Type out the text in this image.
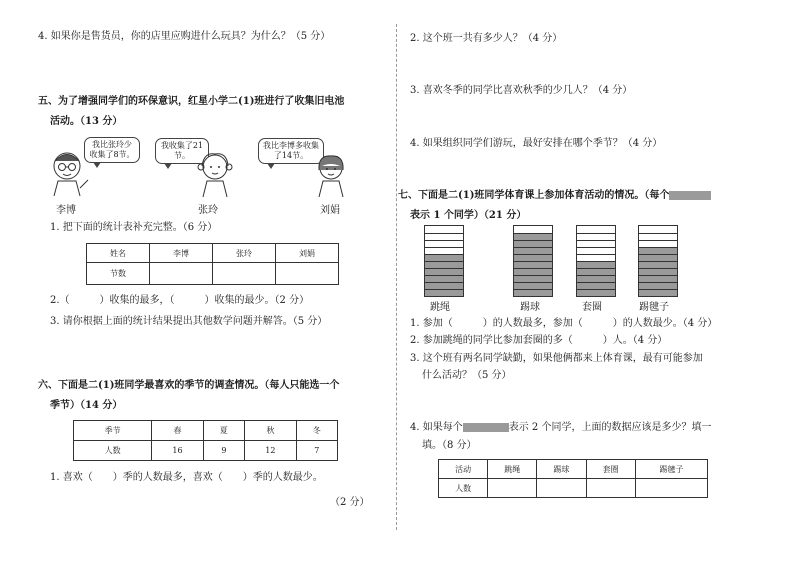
4. 如果你是售货员，你的店里应购进什么玩具？为什么？（5 分）
五、为了增强同学们的环保意识，红星小学二(1)班进行了收集旧电池
活动。（13 分）
我比张玲少收集了8节。
我收集了21节。
我比李博多收集了14节。
李博	张玲	刘娟
1. 把下面的统计表补充完整。（6 分）
姓名	李博	张玲	刘娟
节数			
2.（　　　）收集的最多，（　　　）收集的最少。（2 分）
3. 请你根据上面的统计结果提出其他数学问题并解答。（5 分）
六、下面是二(1)班同学最喜欢的季节的调查情况。（每人只能选一个
季节）（14 分）
季节	春	夏	秋	冬
人数	16	9	12	7
1. 喜欢（　　）季的人数最多，喜欢（　　）季的人数最少。
（2 分）
2. 这个班一共有多少人？（4 分）
3. 喜欢冬季的同学比喜欢秋季的少几人？（4 分）
4. 如果组织同学们游玩，最好安排在哪个季节？（4 分）
七、下面是二(1)班同学体育课上参加体育活动的情况。（每个
表示 1 个同学）（21 分）
跳绳	踢球	套圈	踢毽子
1. 参加（　　　）的人数最多，参加（　　　）的人数最少。（4 分）
2. 参加跳绳的同学比参加套圈的多（　　　）人。（4 分）
3. 这个班有两名同学缺勤，如果他俩都来上体育课，最有可能参加
什么活动？（5 分）
4. 如果每个	表示 2 个同学，上面的数据应该是多少？填一
填。（8 分）
活动	跳绳	踢球	套圈	踢毽子
人数				
